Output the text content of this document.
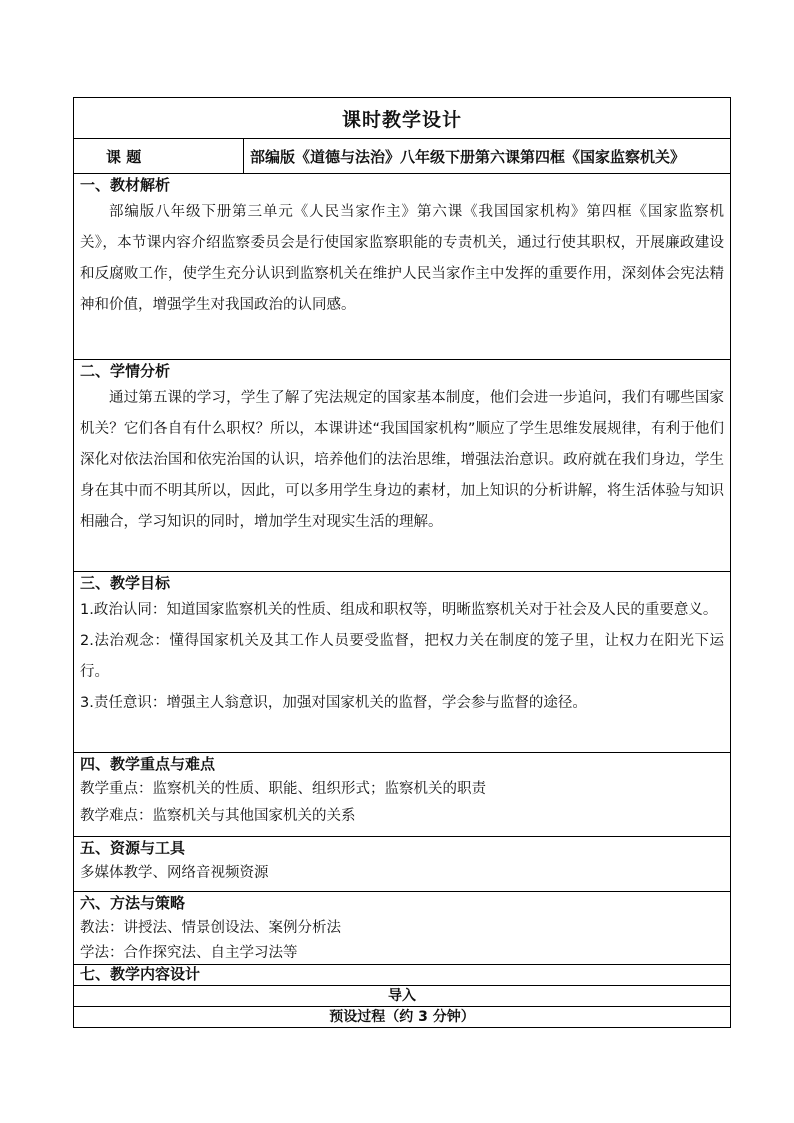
课时教学设计
课 题	部编版《道德与法治》八年级下册第六课第四框《国家监察机关》

一、教材解析

部编版八年级下册第三单元《人民当家作主》第六课《我国国家机构》第四框《国家监察机关》，本节课内容介绍监察委员会是行使国家监察职能的专责机关，通过行使其职权，开展廉政建设和反腐败工作，使学生充分认识到监察机关在维护人民当家作主中发挥的重要作用，深刻体会宪法精神和价值，增强学生对我国政治的认同感。

二、学情分析

通过第五课的学习，学生了解了宪法规定的国家基本制度，他们会进一步追问，我们有哪些国家机关？它们各自有什么职权？所以，本课讲述“我国国家机构”顺应了学生思维发展规律，有利于他们深化对依法治国和依宪治国的认识，培养他们的法治思维，增强法治意识。政府就在我们身边，学生身在其中而不明其所以，因此，可以多用学生身边的素材，加上知识的分析讲解，将生活体验与知识相融合，学习知识的同时，增加学生对现实生活的理解。

三、教学目标

1.政治认同：知道国家监察机关的性质、组成和职权等，明晰监察机关对于社会及人民的重要意义。

2.法治观念：懂得国家机关及其工作人员要受监督，把权力关在制度的笼子里，让权力在阳光下运行。

3.责任意识：增强主人翁意识，加强对国家机关的监督，学会参与监督的途径。

四、教学重点与难点

教学重点：监察机关的性质、职能、组织形式；监察机关的职责

教学难点：监察机关与其他国家机关的关系

五、资源与工具

多媒体教学、网络音视频资源

六、方法与策略

教法：讲授法、情景创设法、案例分析法

学法：合作探究法、自主学习法等

七、教学内容设计

导入
预设过程（约 3 分钟）
